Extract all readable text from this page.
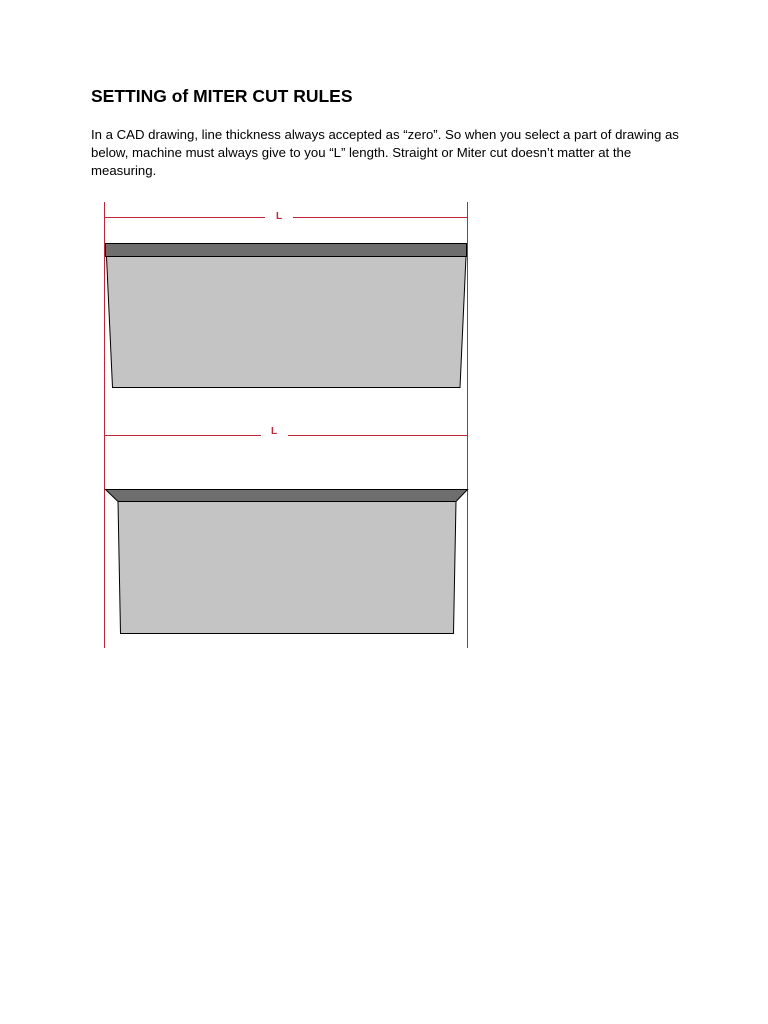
SETTING of MITER CUT RULES

In a CAD drawing, line thickness always accepted as “zero”. So when you select a part of drawing as below, machine must always give to you “L” length. Straight or Miter cut doesn’t matter at the measuring.

L
L
